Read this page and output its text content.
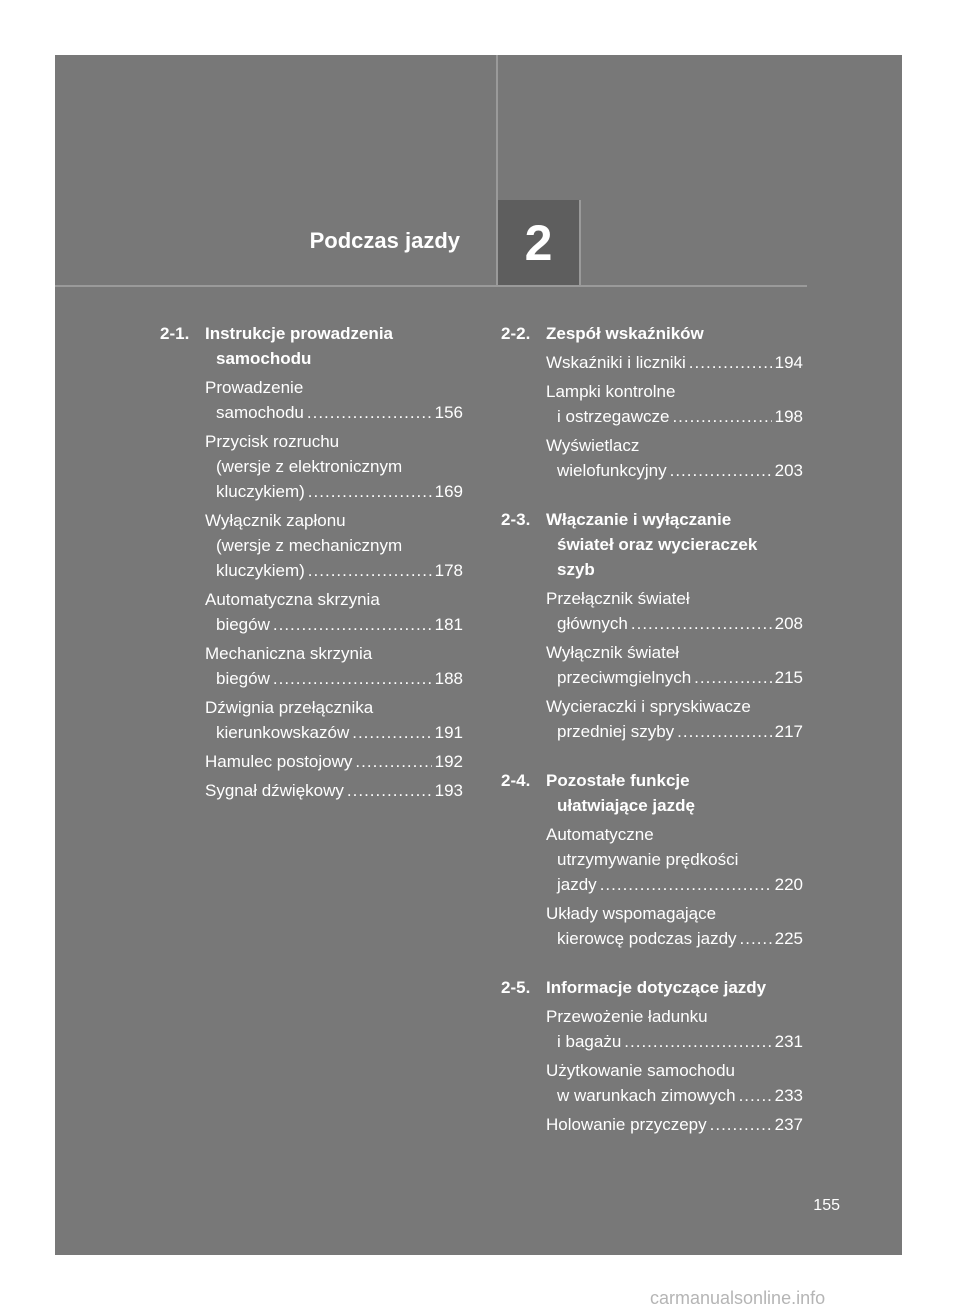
Podczas jazdy 2
2-1. Instrukcje prowadzenia
samochodu
Prowadzenie
samochodu .....	156
Przycisk rozruchu
(wersje z elektronicznym
kluczykiem) .....	169
Wyłącznik zapłonu
(wersje z mechanicznym
kluczykiem) .....	178
Automatyczna skrzynia
biegów .....	181
Mechaniczna skrzynia
biegów .....	188
Dźwignia przełącznika
kierunkowskazów .....	191
Hamulec postojowy .....	192
Sygnał dźwiękowy .....	193
2-2. Zespół wskaźników
Wskaźniki i liczniki .....	194
Lampki kontrolne
i ostrzegawcze .....	198
Wyświetlacz
wielofunkcyjny .....	203
2-3. Włączanie i wyłączanie
świateł oraz wycieraczek
szyb
Przełącznik świateł
głównych .....	208
Wyłącznik świateł
przeciwmgielnych .....	215
Wycieraczki i spryskiwacze
przedniej szyby .....	217
2-4. Pozostałe funkcje
ułatwiające jazdę
Automatyczne
utrzymywanie prędkości
jazdy .....	220
Układy wspomagające
kierowcę podczas jazdy ..... 225
2-5. Informacje dotyczące jazdy
Przewożenie ładunku
i bagażu .....	231
Użytkowanie samochodu
w warunkach zimowych ..... 233
Holowanie przyczepy .....	237
155
carmanualsonline.info
